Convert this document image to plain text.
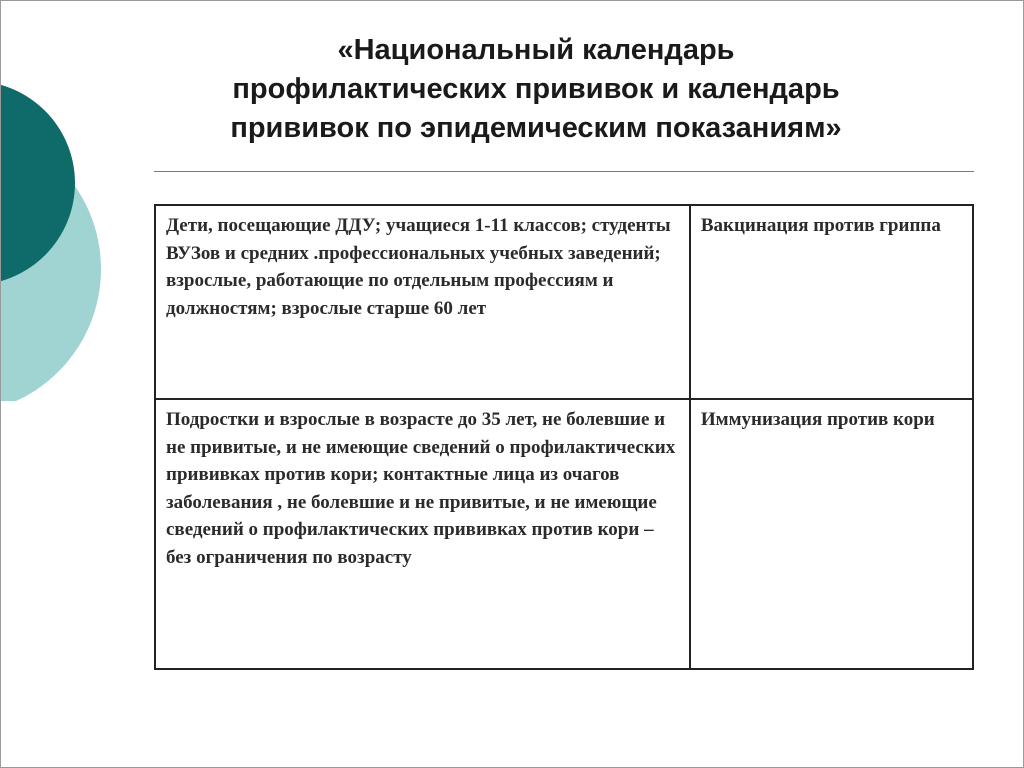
«Национальный календарь
профилактических прививок и календарь
прививок по эпидемическим показаниям»
Дети, посещающие ДДУ; учащиеся 1-11 классов; студенты ВУЗов и средних .профессиональных учебных заведений; взрослые, работающие по отдельным профессиям и должностям; взрослые старше 60 лет	Вакцинация против гриппа
Подростки и взрослые в возрасте до 35 лет, не болевшие и не привитые, и не имеющие сведений о профилактических прививках против кори; контактные лица из очагов заболевания , не болевшие и не привитые, и не имеющие сведений о профилактических прививках против кори – без ограничения по возрасту	Иммунизация против кори
